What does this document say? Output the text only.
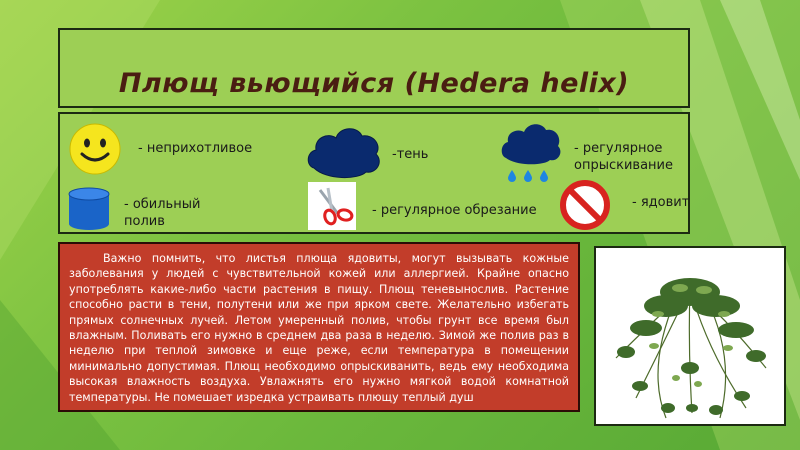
Плющ вьющийся (Hedera helix)
- неприхотливое	-тень	- регулярное опрыскивание
- обильный полив
- регулярное обрезание
- ядовит

Важно помнить, что листья плюща ядовиты, могут вызывать кожные заболевания у людей с чувствительной кожей или аллергией. Крайне опасно употреблять какие-либо части растения в пищу. Плющ теневынослив. Растение способно расти в тени, полутени или же при ярком свете. Желательно избегать прямых солнечных лучей. Летом умеренный полив, чтобы грунт все время был влажным. Поливать его нужно в среднем два раза в неделю. Зимой же полив раз в неделю при теплой зимовке и еще реже, если температура в помещении минимально допустимая. Плющ необходимо опрыскиванить, ведь ему необходима высокая влажность воздуха. Увлажнять его нужно мягкой водой комнатной температуры. Не помешает изредка устраивать плющу теплый душ
